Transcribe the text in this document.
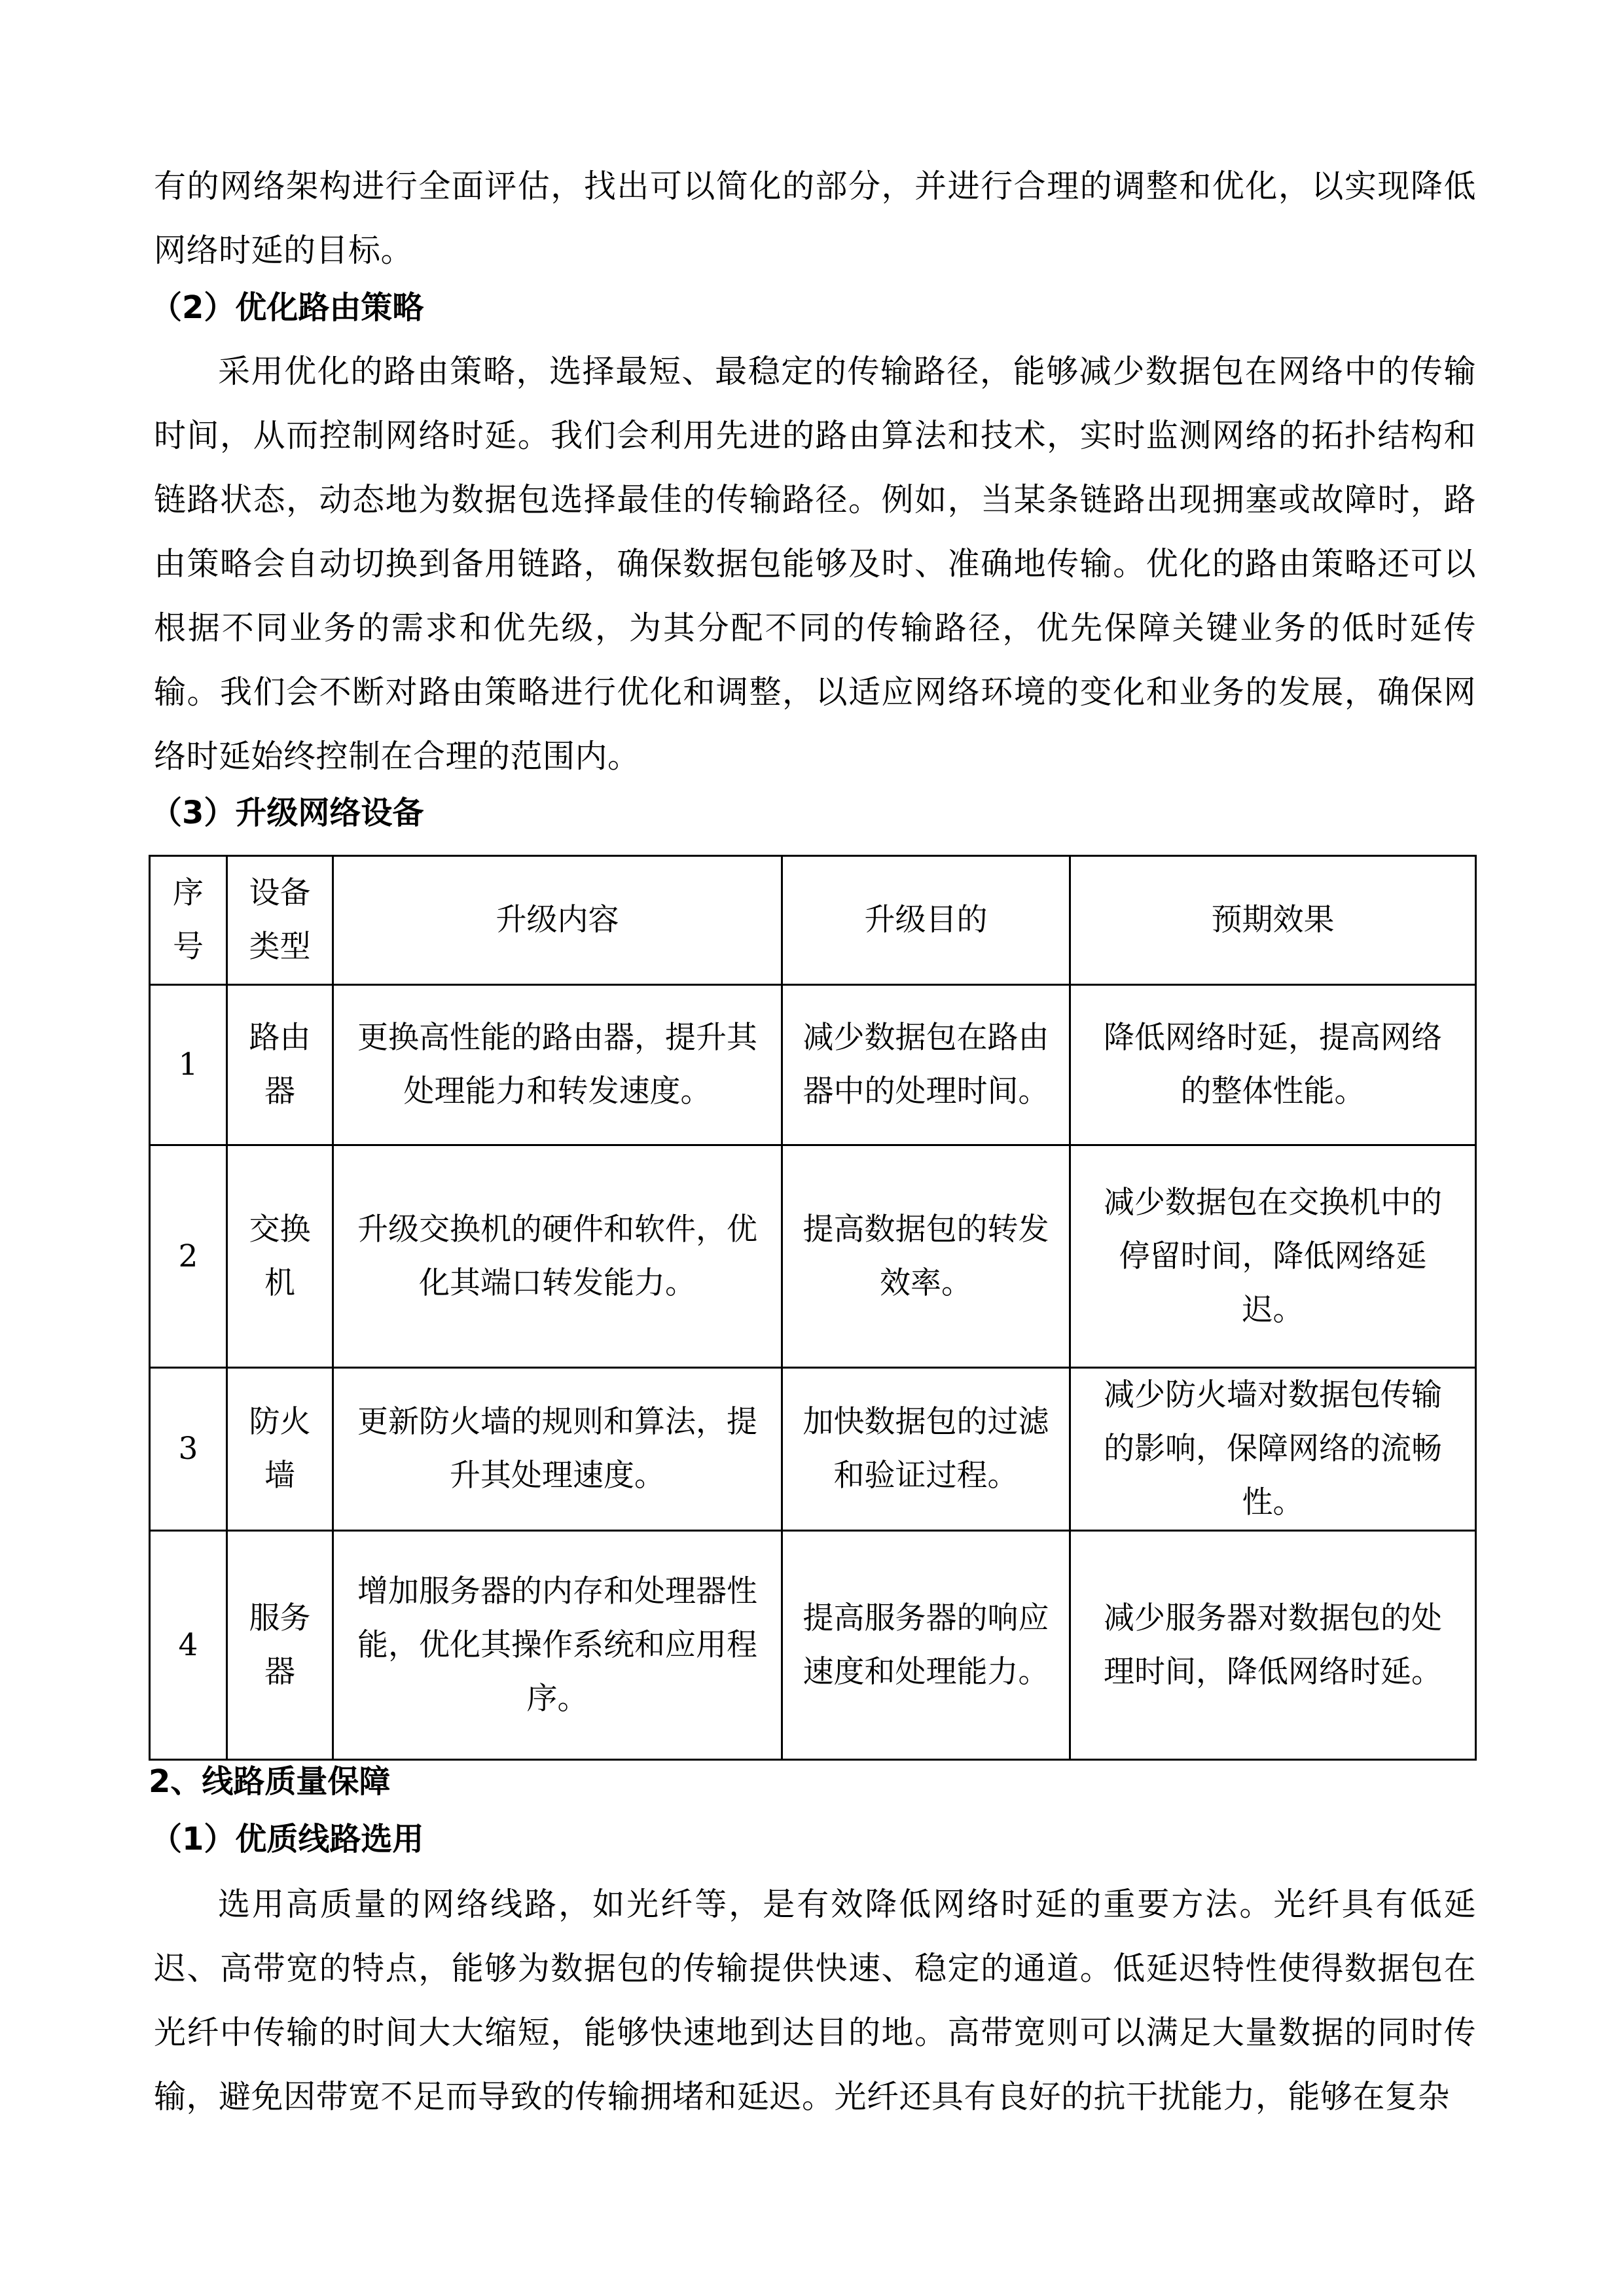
有的网络架构进行全面评估，找出可以简化的部分，并进行合理的调整和优化，以实现降低网络时延的目标。

（2）优化路由策略

采用优化的路由策略，选择最短、最稳定的传输路径，能够减少数据包在网络中的传输时间，从而控制网络时延。我们会利用先进的路由算法和技术，实时监测网络的拓扑结构和链路状态，动态地为数据包选择最佳的传输路径。例如，当某条链路出现拥塞或故障时，路由策略会自动切换到备用链路，确保数据包能够及时、准确地传输。优化的路由策略还可以根据不同业务的需求和优先级，为其分配不同的传输路径，优先保障关键业务的低时延传输。我们会不断对路由策略进行优化和调整，以适应网络环境的变化和业务的发展，确保网络时延始终控制在合理的范围内。

（3）升级网络设备
序号	设备类型	升级内容	升级目的	预期效果
1	路由器	更换高性能的路由器，提升其处理能力和转发速度。	减少数据包在路由器中的处理时间。	降低网络时延，提高网络的整体性能。
2	交换机	升级交换机的硬件和软件，优化其端口转发能力。	提高数据包的转发效率。	减少数据包在交换机中的停留时间，降低网络延迟。
3	防火墙	更新防火墙的规则和算法，提升其处理速度。	加快数据包的过滤和验证过程。	减少防火墙对数据包传输的影响，保障网络的流畅性。
4	服务器	增加服务器的内存和处理器性能，优化其操作系统和应用程序。	提高服务器的响应速度和处理能力。	减少服务器对数据包的处理时间，降低网络时延。
2、线路质量保障
（1）优质线路选用

选用高质量的网络线路，如光纤等，是有效降低网络时延的重要方法。光纤具有低延迟、高带宽的特点，能够为数据包的传输提供快速、稳定的通道。低延迟特性使得数据包在光纤中传输的时间大大缩短，能够快速地到达目的地。高带宽则可以满足大量数据的同时传输，避免因带宽不足而导致的传输拥堵和延迟。光纤还具有良好的抗干扰能力，能够在复杂
